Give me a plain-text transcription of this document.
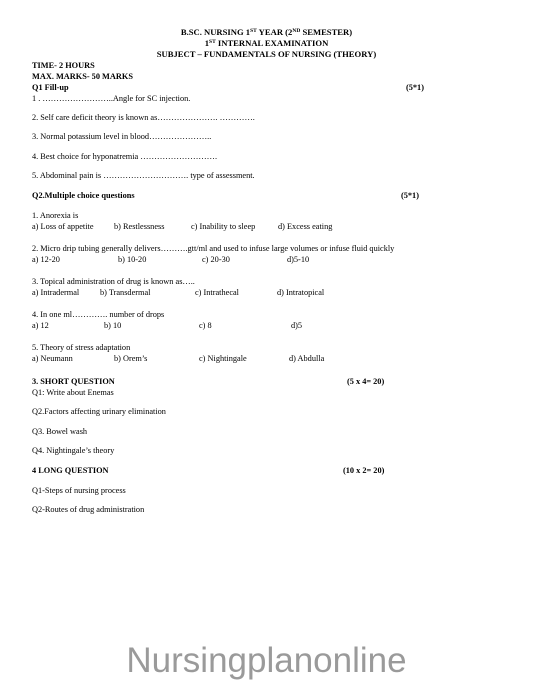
B.SC. NURSING 1ST YEAR (2ND SEMESTER)
1ST INTERNAL EXAMINATION
SUBJECT – FUNDAMENTALS OF NURSING (THEORY)
TIME- 2 HOURS
MAX. MARKS- 50 MARKS
Q1 Fill-up	(5*1)
1 . ……………………..Angle for SC injection.
2. Self care deficit theory is known as…………………. ………….
3. Normal potassium level in blood…………………..
4. Best choice for hyponatremia ……………………….
5. Abdominal pain is …………………………. type of assessment.
Q2.Multiple choice questions	(5*1)
1. Anorexia is
a) Loss of appetite b) Restlessness	c) Inability to sleep	d) Excess eating
2. Micro drip tubing generally delivers……….gtt/ml and used to infuse large volumes or infuse fluid quickly
a) 12-20	b) 10-20	c) 20-30	d)5-10
3. Topical administration of drug is known as…..
a) Intradermal	b) Transdermal	c) Intrathecal	d) Intratopical
4. In one ml…………. number of drops
a) 12	b) 10	c) 8	d)5
5. Theory of stress adaptation
a) Neumann	b) Orem’s	c) Nightingale	d) Abdulla
3. SHORT QUESTION	(5 x 4= 20)
Q1: Write about Enemas
Q2.Factors affecting urinary elimination
Q3. Bowel wash
Q4. Nightingale’s theory
4 LONG QUESTION	(10 x 2= 20)
Q1-Steps of nursing process
Q2-Routes of drug administration
Nursingplanonline
